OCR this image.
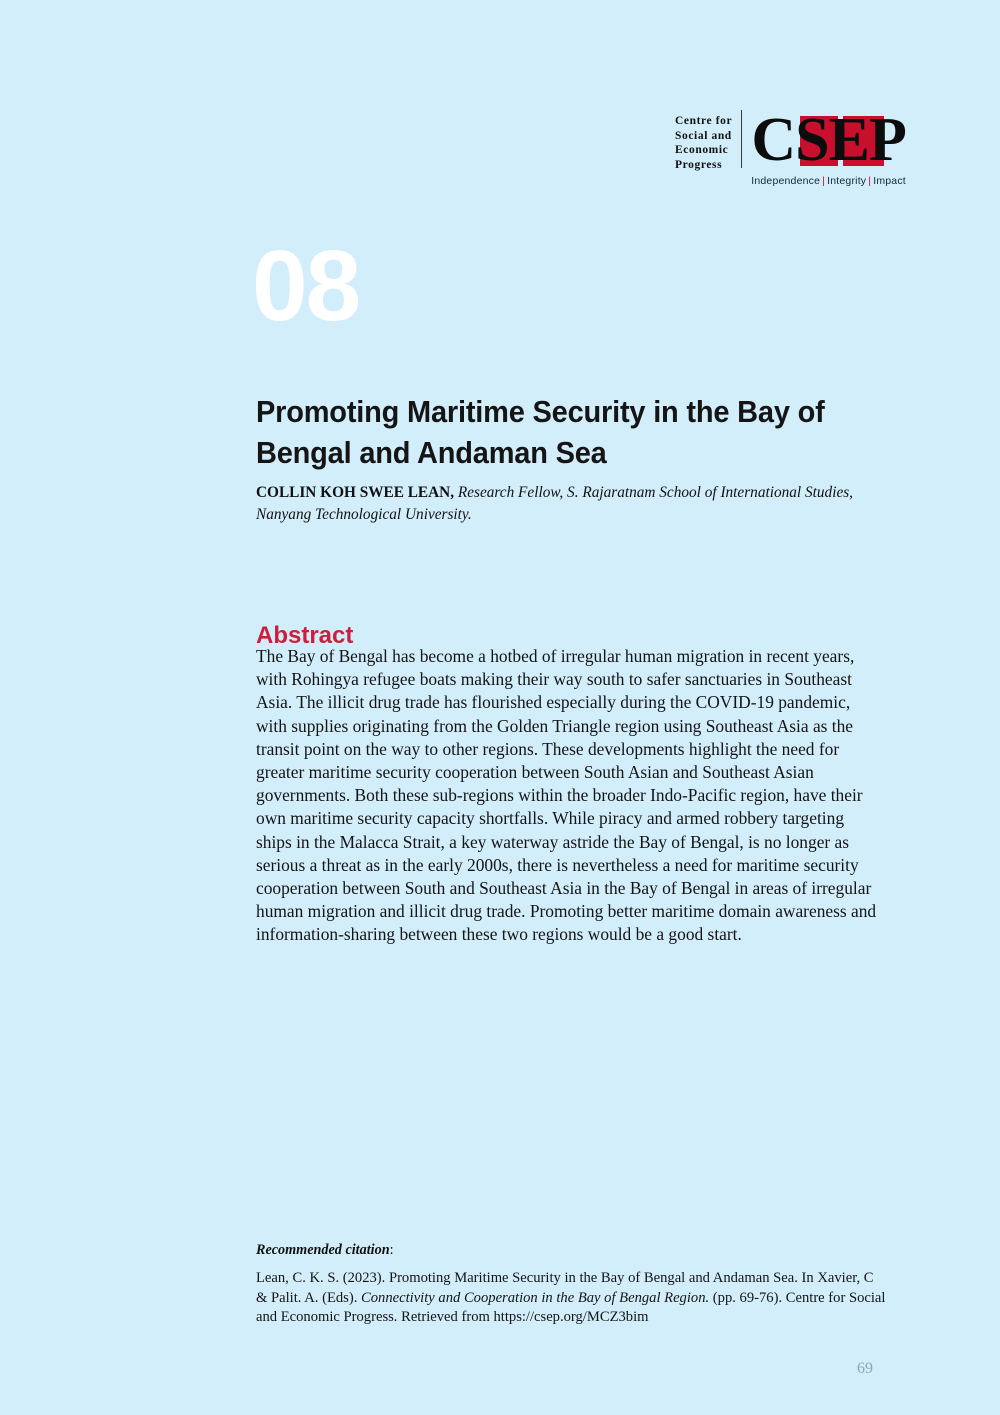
Centre for
Social and
Economic
Progress C S E P
Independence | Integrity | Impact
08
Promoting Maritime Security in the Bay of Bengal and Andaman Sea
COLLIN KOH SWEE LEAN, Research Fellow, S. Rajaratnam School of International Studies, Nanyang Technological University.
Abstract
The Bay of Bengal has become a hotbed of irregular human migration in recent years, with Rohingya refugee boats making their way south to safer sanctuaries in Southeast Asia. The illicit drug trade has flourished especially during the COVID-19 pandemic, with supplies originating from the Golden Triangle region using Southeast Asia as the transit point on the way to other regions. These developments highlight the need for greater maritime security cooperation between South Asian and Southeast Asian governments. Both these sub-regions within the broader Indo-Pacific region, have their own maritime security capacity shortfalls. While piracy and armed robbery targeting ships in the Malacca Strait, a key waterway astride the Bay of Bengal, is no longer as serious a threat as in the early 2000s, there is nevertheless a need for maritime security cooperation between South and Southeast Asia in the Bay of Bengal in areas of irregular human migration and illicit drug trade. Promoting better maritime domain awareness and information-sharing between these two regions would be a good start.
Recommended citation:
Lean, C. K. S. (2023). Promoting Maritime Security in the Bay of Bengal and Andaman Sea. In Xavier, C & Palit. A. (Eds). Connectivity and Cooperation in the Bay of Bengal Region. (pp. 69-76). Centre for Social and Economic Progress. Retrieved from https://csep.org/MCZ3bim
69
